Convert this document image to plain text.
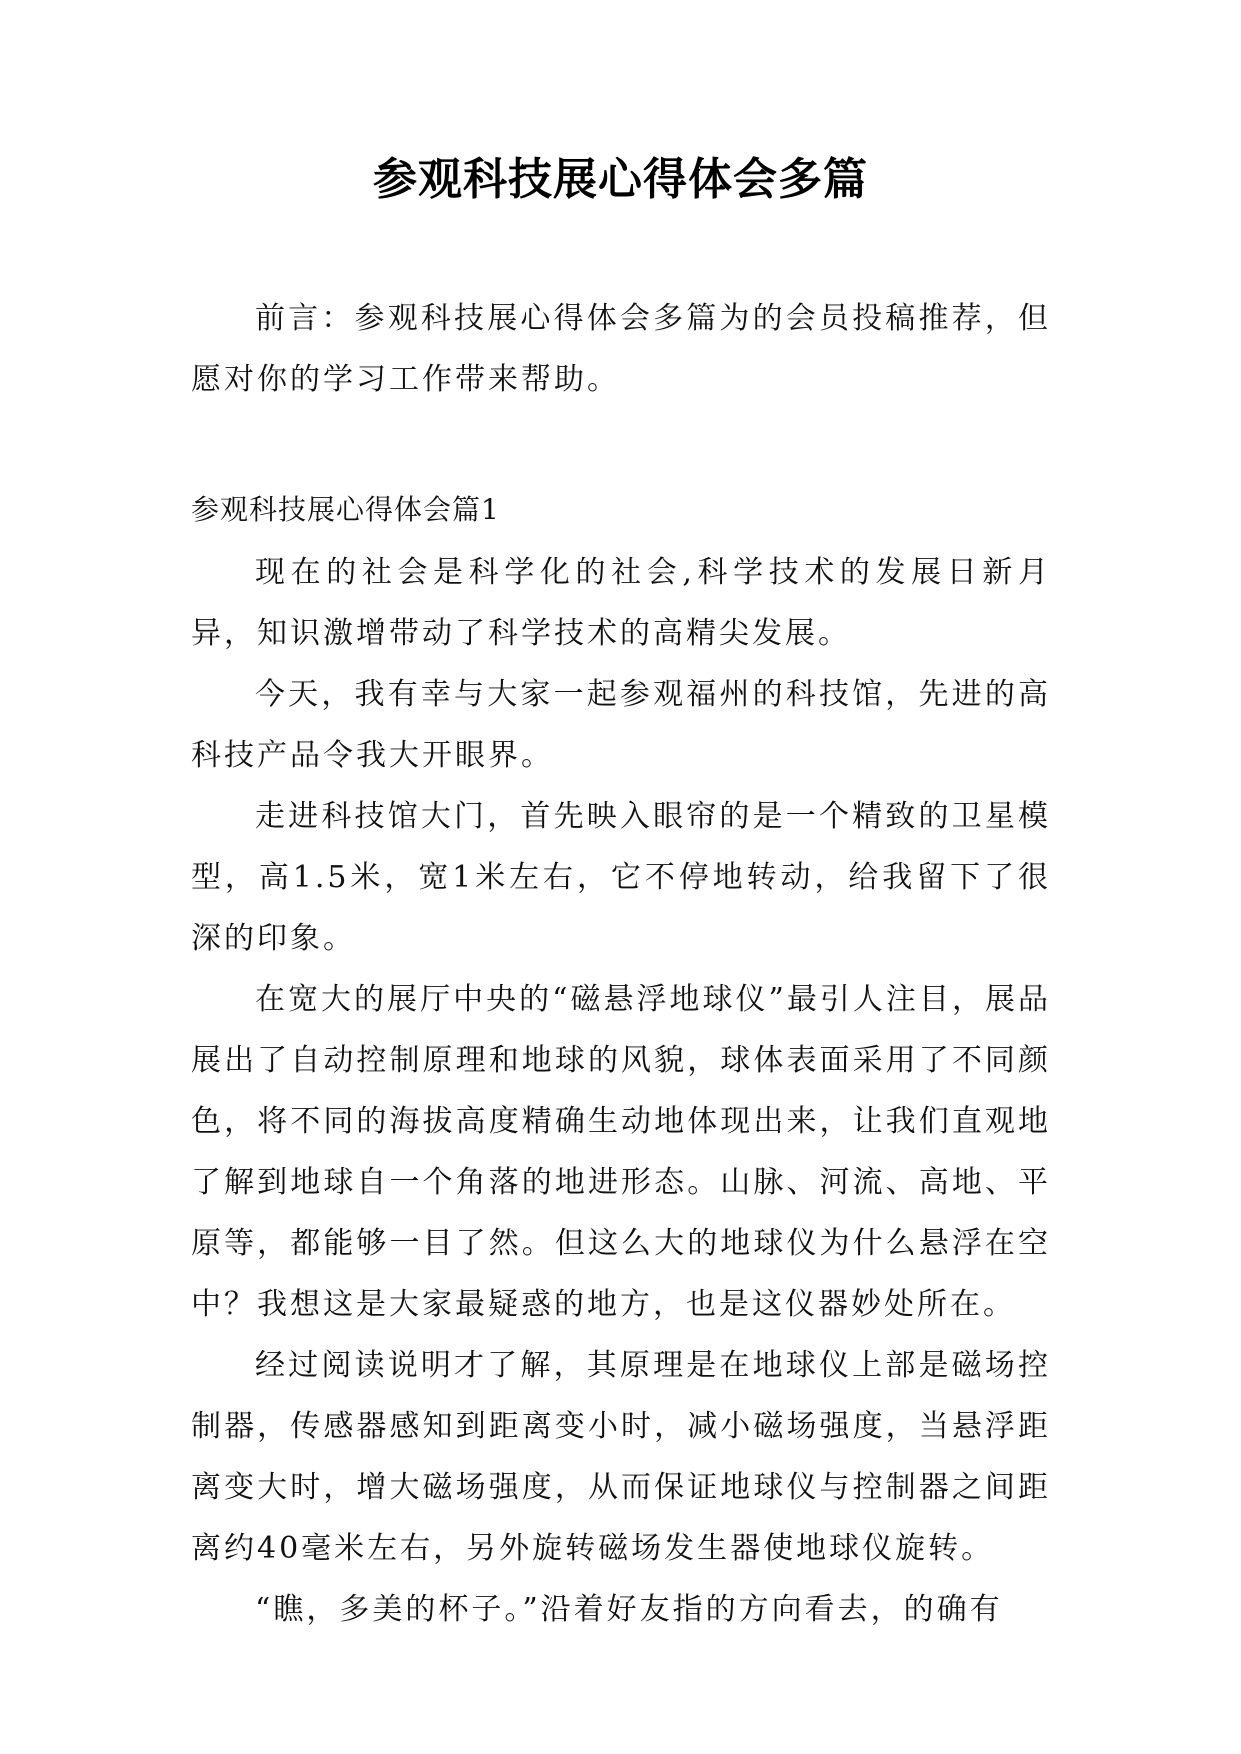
参观科技展心得体会多篇

前言：参观科技展心得体会多篇为的会员投稿推荐，但愿对你的学习工作带来帮助。

参观科技展心得体会篇1

现在的社会是科学化的社会,科学技术的发展日新月异，知识激增带动了科学技术的高精尖发展。

今天，我有幸与大家一起参观福州的科技馆，先进的高科技产品令我大开眼界。

走进科技馆大门，首先映入眼帘的是一个精致的卫星模型，高1.5米，宽1米左右，它不停地转动，给我留下了很深的印象。

在宽大的展厅中央的“磁悬浮地球仪”最引人注目，展品展出了自动控制原理和地球的风貌，球体表面采用了不同颜色，将不同的海拔高度精确生动地体现出来，让我们直观地了解到地球自一个角落的地进形态。山脉、河流、高地、平原等，都能够一目了然。但这么大的地球仪为什么悬浮在空中？我想这是大家最疑惑的地方，也是这仪器妙处所在。

经过阅读说明才了解，其原理是在地球仪上部是磁场控制器，传感器感知到距离变小时，减小磁场强度，当悬浮距离变大时，增大磁场强度，从而保证地球仪与控制器之间距离约40毫米左右，另外旋转磁场发生器使地球仪旋转。

“瞧，多美的杯子。”沿着好友指的方向看去，的确有
